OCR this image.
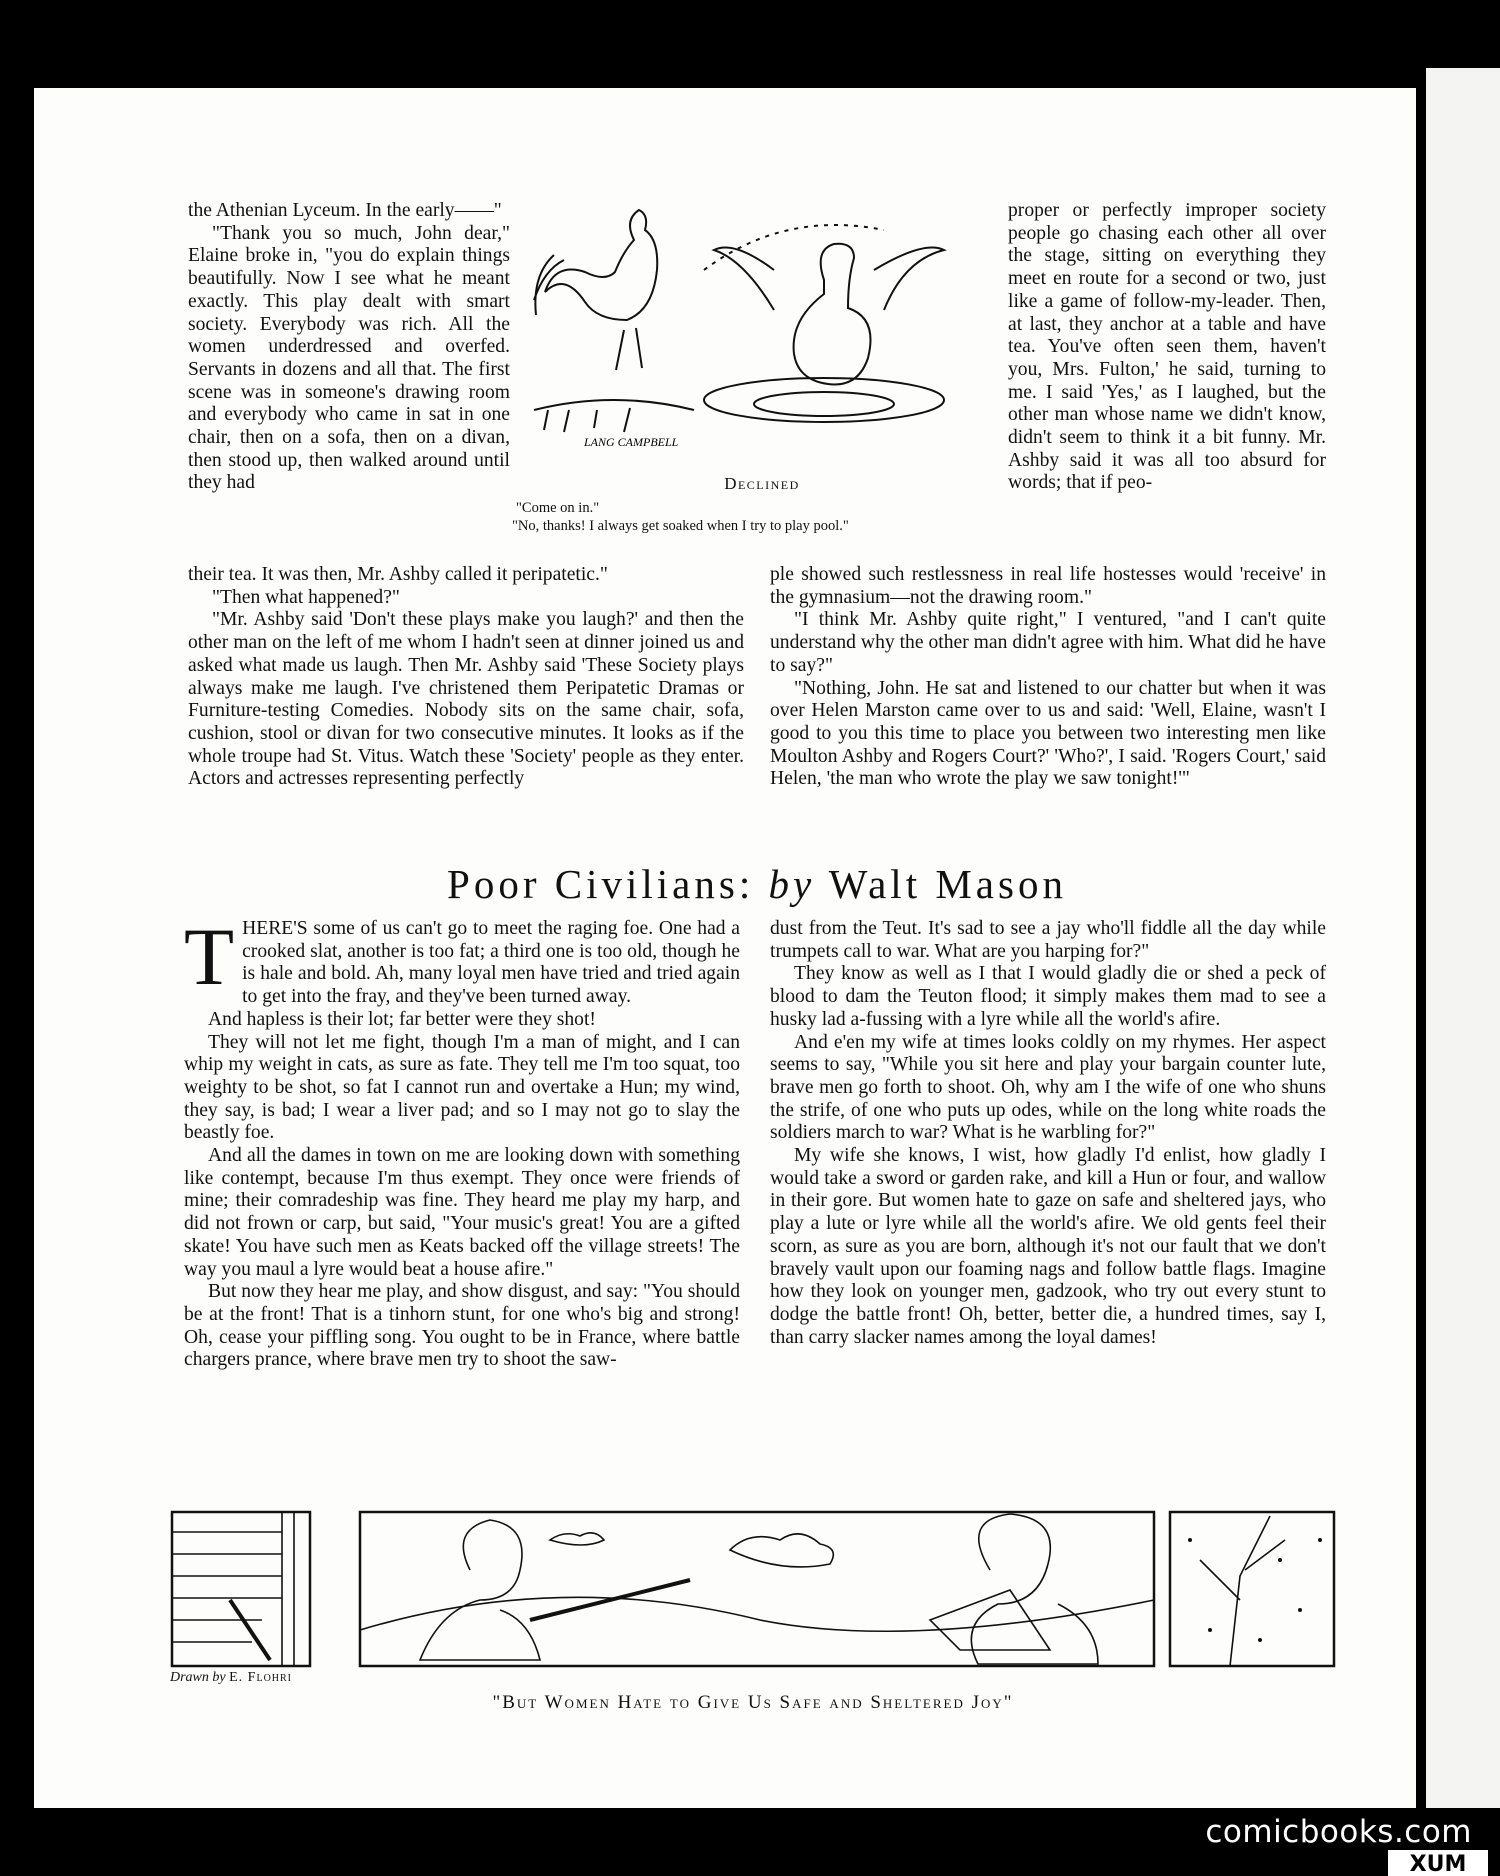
the Athenian Lyceum. In the early——"

"Thank you so much, John dear," Elaine broke in, "you do explain things beautifully. Now I see what he meant exactly. This play dealt with smart society. Everybody was rich. All the women underdressed and overfed. Servants in dozens and all that. The first scene was in someone's drawing room and everybody who came in sat in one chair, then on a sofa, then on a divan, then stood up, then walked around until they had

LANG CAMPBELL
Declined
"Come on in."
"No, thanks! I always get soaked when I try to play pool."

proper or perfectly improper society people go chasing each other all over the stage, sitting on everything they meet en route for a second or two, just like a game of follow-my-leader. Then, at last, they anchor at a table and have tea. You've often seen them, haven't you, Mrs. Fulton,' he said, turning to me. I said 'Yes,' as I laughed, but the other man whose name we didn't know, didn't seem to think it a bit funny. Mr. Ashby said it was all too absurd for words; that if peo-

their tea. It was then, Mr. Ashby called it peripatetic."

"Then what happened?"

"Mr. Ashby said 'Don't these plays make you laugh?' and then the other man on the left of me whom I hadn't seen at dinner joined us and asked what made us laugh. Then Mr. Ashby said 'These Society plays always make me laugh. I've christened them Peripatetic Dramas or Furniture-testing Comedies. Nobody sits on the same chair, sofa, cushion, stool or divan for two consecutive minutes. It looks as if the whole troupe had St. Vitus. Watch these 'Society' people as they enter. Actors and actresses representing perfectly

ple showed such restlessness in real life hostesses would 'receive' in the gymnasium—not the drawing room."

"I think Mr. Ashby quite right," I ventured, "and I can't quite understand why the other man didn't agree with him. What did he have to say?"

"Nothing, John. He sat and listened to our chatter but when it was over Helen Marston came over to us and said: 'Well, Elaine, wasn't I good to you this time to place you between two interesting men like Moulton Ashby and Rogers Court?' 'Who?', I said. 'Rogers Court,' said Helen, 'the man who wrote the play we saw tonight!'"

Poor Civilians: by Walt Mason

T HERE'S some of us can't go to meet the raging foe. One had a crooked slat, another is too fat; a third one is too old, though he is hale and bold. Ah, many loyal men have tried and tried again to get into the fray, and they've been turned away.

And hapless is their lot; far better were they shot!

They will not let me fight, though I'm a man of might, and I can whip my weight in cats, as sure as fate. They tell me I'm too squat, too weighty to be shot, so fat I cannot run and overtake a Hun; my wind, they say, is bad; I wear a liver pad; and so I may not go to slay the beastly foe.

And all the dames in town on me are looking down with something like contempt, because I'm thus exempt. They once were friends of mine; their comradeship was fine. They heard me play my harp, and did not frown or carp, but said, "Your music's great! You are a gifted skate! You have such men as Keats backed off the village streets! The way you maul a lyre would beat a house afire."

But now they hear me play, and show disgust, and say: "You should be at the front! That is a tinhorn stunt, for one who's big and strong! Oh, cease your piffling song. You ought to be in France, where battle chargers prance, where brave men try to shoot the saw-

dust from the Teut. It's sad to see a jay who'll fiddle all the day while trumpets call to war. What are you harping for?"

They know as well as I that I would gladly die or shed a peck of blood to dam the Teuton flood; it simply makes them mad to see a husky lad a-fussing with a lyre while all the world's afire.

And e'en my wife at times looks coldly on my rhymes. Her aspect seems to say, "While you sit here and play your bargain counter lute, brave men go forth to shoot. Oh, why am I the wife of one who shuns the strife, of one who puts up odes, while on the long white roads the soldiers march to war? What is he warbling for?"

My wife she knows, I wist, how gladly I'd enlist, how gladly I would take a sword or garden rake, and kill a Hun or four, and wallow in their gore. But women hate to gaze on safe and sheltered jays, who play a lute or lyre while all the world's afire. We old gents feel their scorn, as sure as you are born, although it's not our fault that we don't bravely vault upon our foaming nags and follow battle flags. Imagine how they look on younger men, gadzook, who try out every stunt to dodge the battle front! Oh, better, better die, a hundred times, say I, than carry slacker names among the loyal dames!

Drawn by E. Flohri
"But Women Hate to Give Us Safe and Sheltered Joy"
comicbooks.com
XUM
